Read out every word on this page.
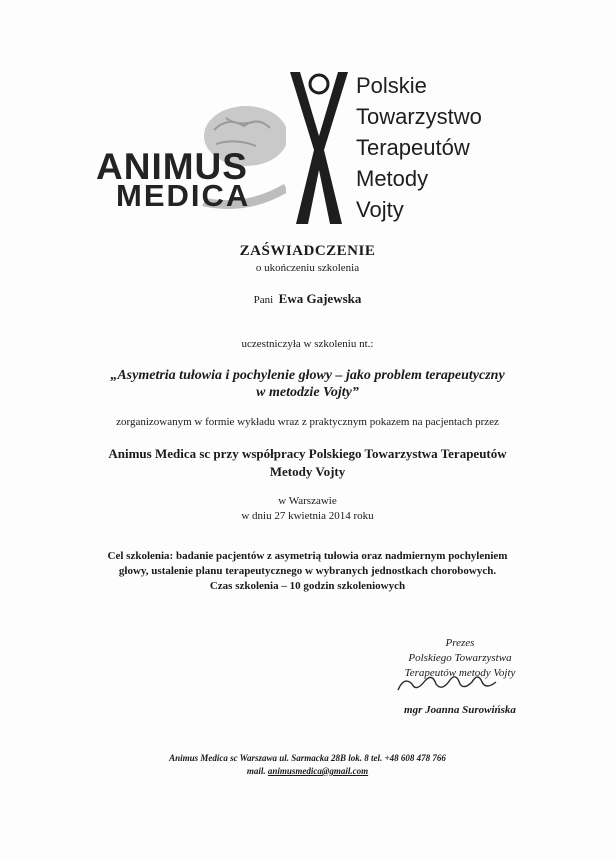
ANIMUS
MEDICA
Polskie
Towarzystwo
Terapeutów
Metody
Vojty
ZAŚWIADCZENIE
o ukończeniu szkolenia
Pani Ewa Gajewska
uczestniczyła w szkoleniu nt.:
„Asymetria tułowia i pochylenie głowy – jako problem terapeutyczny
w metodzie Vojty”
zorganizowanym w formie wykładu wraz z praktycznym pokazem na pacjentach przez
Animus Medica sc przy współpracy Polskiego Towarzystwa Terapeutów
Metody Vojty
w Warszawie
w dniu 27 kwietnia 2014 roku
Cel szkolenia: badanie pacjentów z asymetrią tułowia oraz nadmiernym pochyleniem
głowy, ustalenie planu terapeutycznego w wybranych jednostkach chorobowych.
Czas szkolenia – 10 godzin szkoleniowych
Prezes
Polskiego Towarzystwa
Terapeutów metody Vojty
mgr Joanna Surowińska
Animus Medica sc Warszawa ul. Sarmacka 28B lok. 8 tel. +48 608 478 766
mail. animusmedica@gmail.com
